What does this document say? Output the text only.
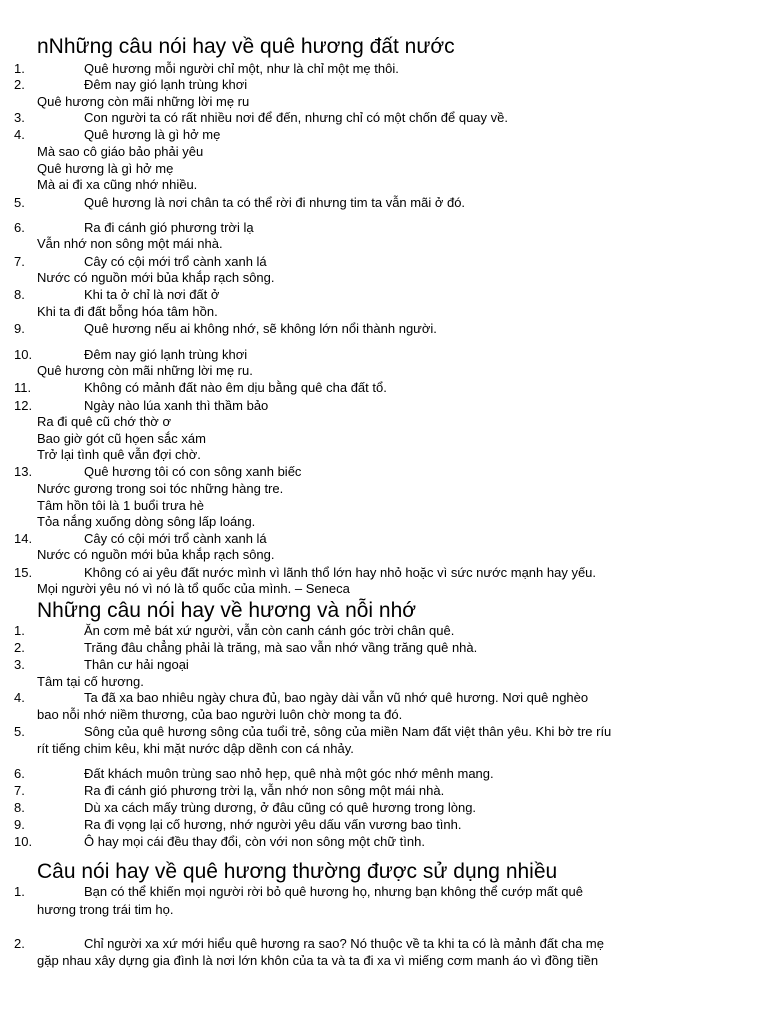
nNhững câu nói hay về quê hương đất nước
1.	Quê hương mỗi người chỉ một, như là chỉ một mẹ thôi.
2.	Đêm nay gió lạnh trùng khơi
Quê hương còn mãi những lời mẹ ru
3.	Con người ta có rất nhiều nơi để đến, nhưng chỉ có một chốn để quay về.
4.	Quê hương là gì hở mẹ
Mà sao cô giáo bảo phải yêu
Quê hương là gì hở mẹ
Mà ai đi xa cũng nhớ nhiều.
5.	Quê hương là nơi chân ta có thể rời đi nhưng tim ta vẫn mãi ở đó.
6.	Ra đi cánh gió phương trời lạ
Vẫn nhớ non sông một mái nhà.
7.	Cây có cội mới trổ cành xanh lá
Nước có nguồn mới bủa khắp rạch sông.
8.	Khi ta ở chỉ là nơi đất ở
Khi ta đi đất bỗng hóa tâm hồn.
9.	Quê hương nếu ai không nhớ, sẽ không lớn nổi thành người.
10.	Đêm nay gió lạnh trùng khơi
Quê hương còn mãi những lời mẹ ru.
11.	Không có mảnh đất nào êm dịu bằng quê cha đất tổ.
12.	Ngày nào lúa xanh thì thầm bảo
Ra đi quê cũ chớ thờ ơ
Bao giờ gót cũ họen sắc xám
Trở lại tình quê vẫn đợi chờ.
13.	Quê hương tôi có con sông xanh biếc
Nước gương trong soi tóc những hàng tre.
Tâm hồn tôi là 1 buổi trưa hè
Tỏa nắng xuống dòng sông lấp loáng.
14.	Cây có cội mới trổ cành xanh lá
Nước có nguồn mới bủa khắp rạch sông.
15.	Không có ai yêu đất nước mình vì lãnh thổ lớn hay nhỏ hoặc vì sức nước mạnh hay yếu.
Mọi người yêu nó vì nó là tổ quốc của mình. – Seneca
Những câu nói hay về hương và nỗi nhớ
1.	Ăn cơm mẻ bát xứ người, vẫn còn canh cánh góc trời chân quê.
2.	Trăng đâu chẳng phải là trăng, mà sao vẫn nhớ vầng trăng quê nhà.
3.	Thân cư hải ngoại
Tâm tại cố hương.
4.	Ta đã xa bao nhiêu ngày chưa đủ, bao ngày dài vẫn vũ nhớ quê hương. Nơi quê nghèo
bao nỗi nhớ niềm thương, của bao người luôn chờ mong ta đó.
5.	Sông của quê hương sông của tuổi trẻ, sông của miền Nam đất việt thân yêu. Khi bờ tre ríu
rít tiếng chim kêu, khi mặt nước dập dềnh con cá nhảy.
6.	Đất khách muôn trùng sao nhỏ hẹp, quê nhà một góc nhớ mênh mang.
7.	Ra đi cánh gió phương trời lạ, vẫn nhớ non sông một mái nhà.
8.	Dù xa cách mấy trùng dương, ở đâu cũng có quê hương trong lòng.
9.	Ra đi vọng lại cố hương, nhớ người yêu dấu vấn vương bao tình.
10.	Ô hay mọi cái đều thay đổi, còn với non sông một chữ tình.
Câu nói hay về quê hương thường được sử dụng nhiều
1.	Bạn có thể khiến mọi người rời bỏ quê hương họ, nhưng bạn không thể cướp mất quê
hương trong trái tim họ.
2.	Chỉ người xa xứ mới hiểu quê hương ra sao? Nó thuộc về ta khi ta có là mảnh đất cha mẹ
gặp nhau xây dựng gia đình là nơi lớn khôn của ta và ta đi xa vì miếng cơm manh áo vì đồng tiền
